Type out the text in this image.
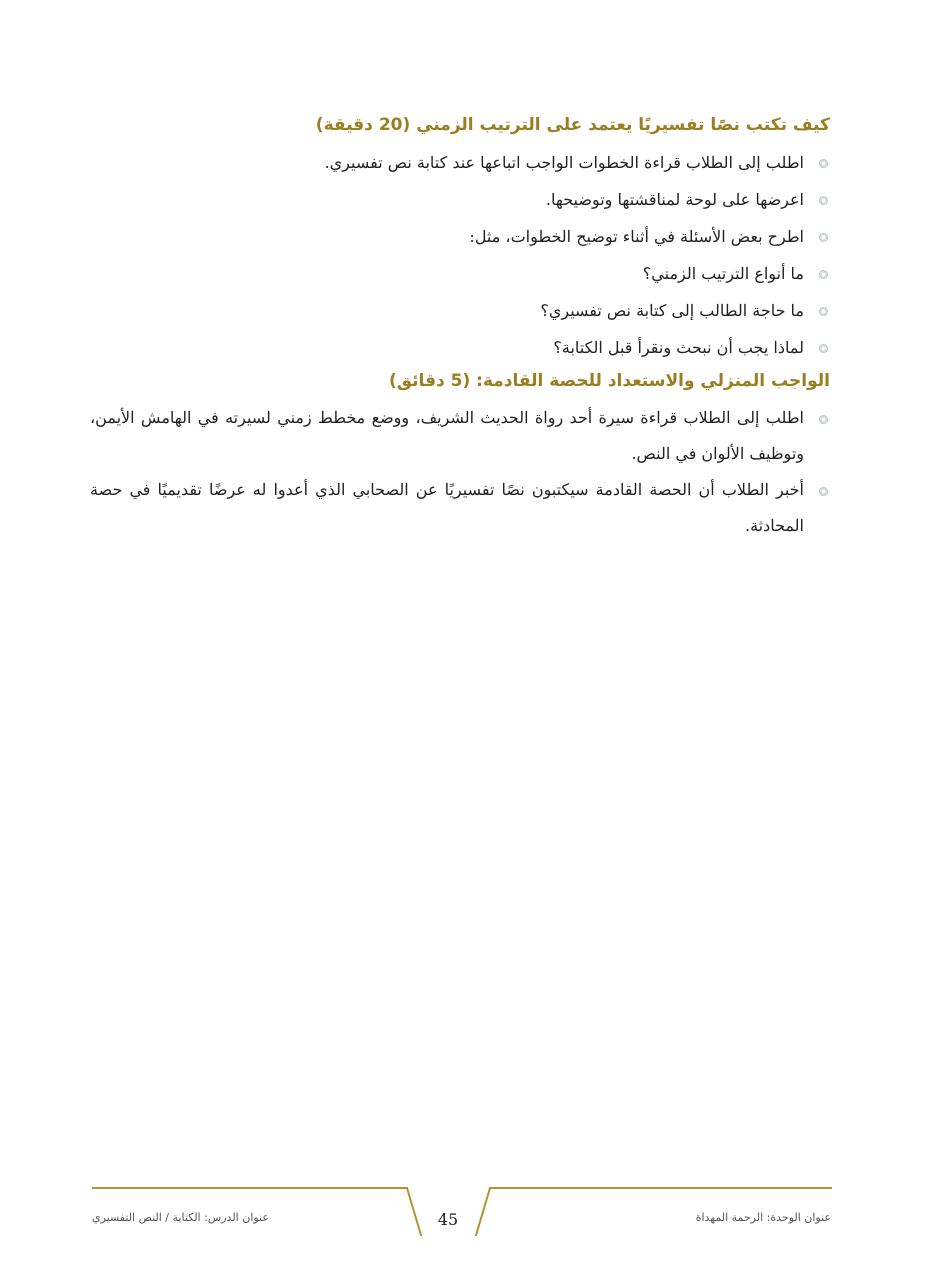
كيف تكتب نصًا تفسيريًا يعتمد على الترتيب الزمني (20 دقيقة)
اطلب إلى الطلاب قراءة الخطوات الواجب اتباعها عند كتابة نص تفسيري.
اعرضها على لوحة لمناقشتها وتوضيحها.
اطرح بعض الأسئلة في أثناء توضيح الخطوات، مثل:
ما أنواع الترتيب الزمني؟
ما حاجة الطالب إلى كتابة نص تفسيري؟
لماذا يجب أن نبحث ونقرأ قبل الكتابة؟
الواجب المنزلي والاستعداد للحصة القادمة: (5 دقائق)
اطلب إلى الطلاب قراءة سيرة أحد رواة الحديث الشريف، ووضع مخطط زمني لسيرته في الهامش الأيمن، وتوظيف الألوان في النص.
أخبر الطلاب أن الحصة القادمة سيكتبون نصًا تفسيريًا عن الصحابي الذي أعدوا له عرضًا تقديميًا في حصة المحادثة.
عنوان الوحدة: الرحمة المهداة
45
عنوان الدرس: الكتابة / النص التفسيري
